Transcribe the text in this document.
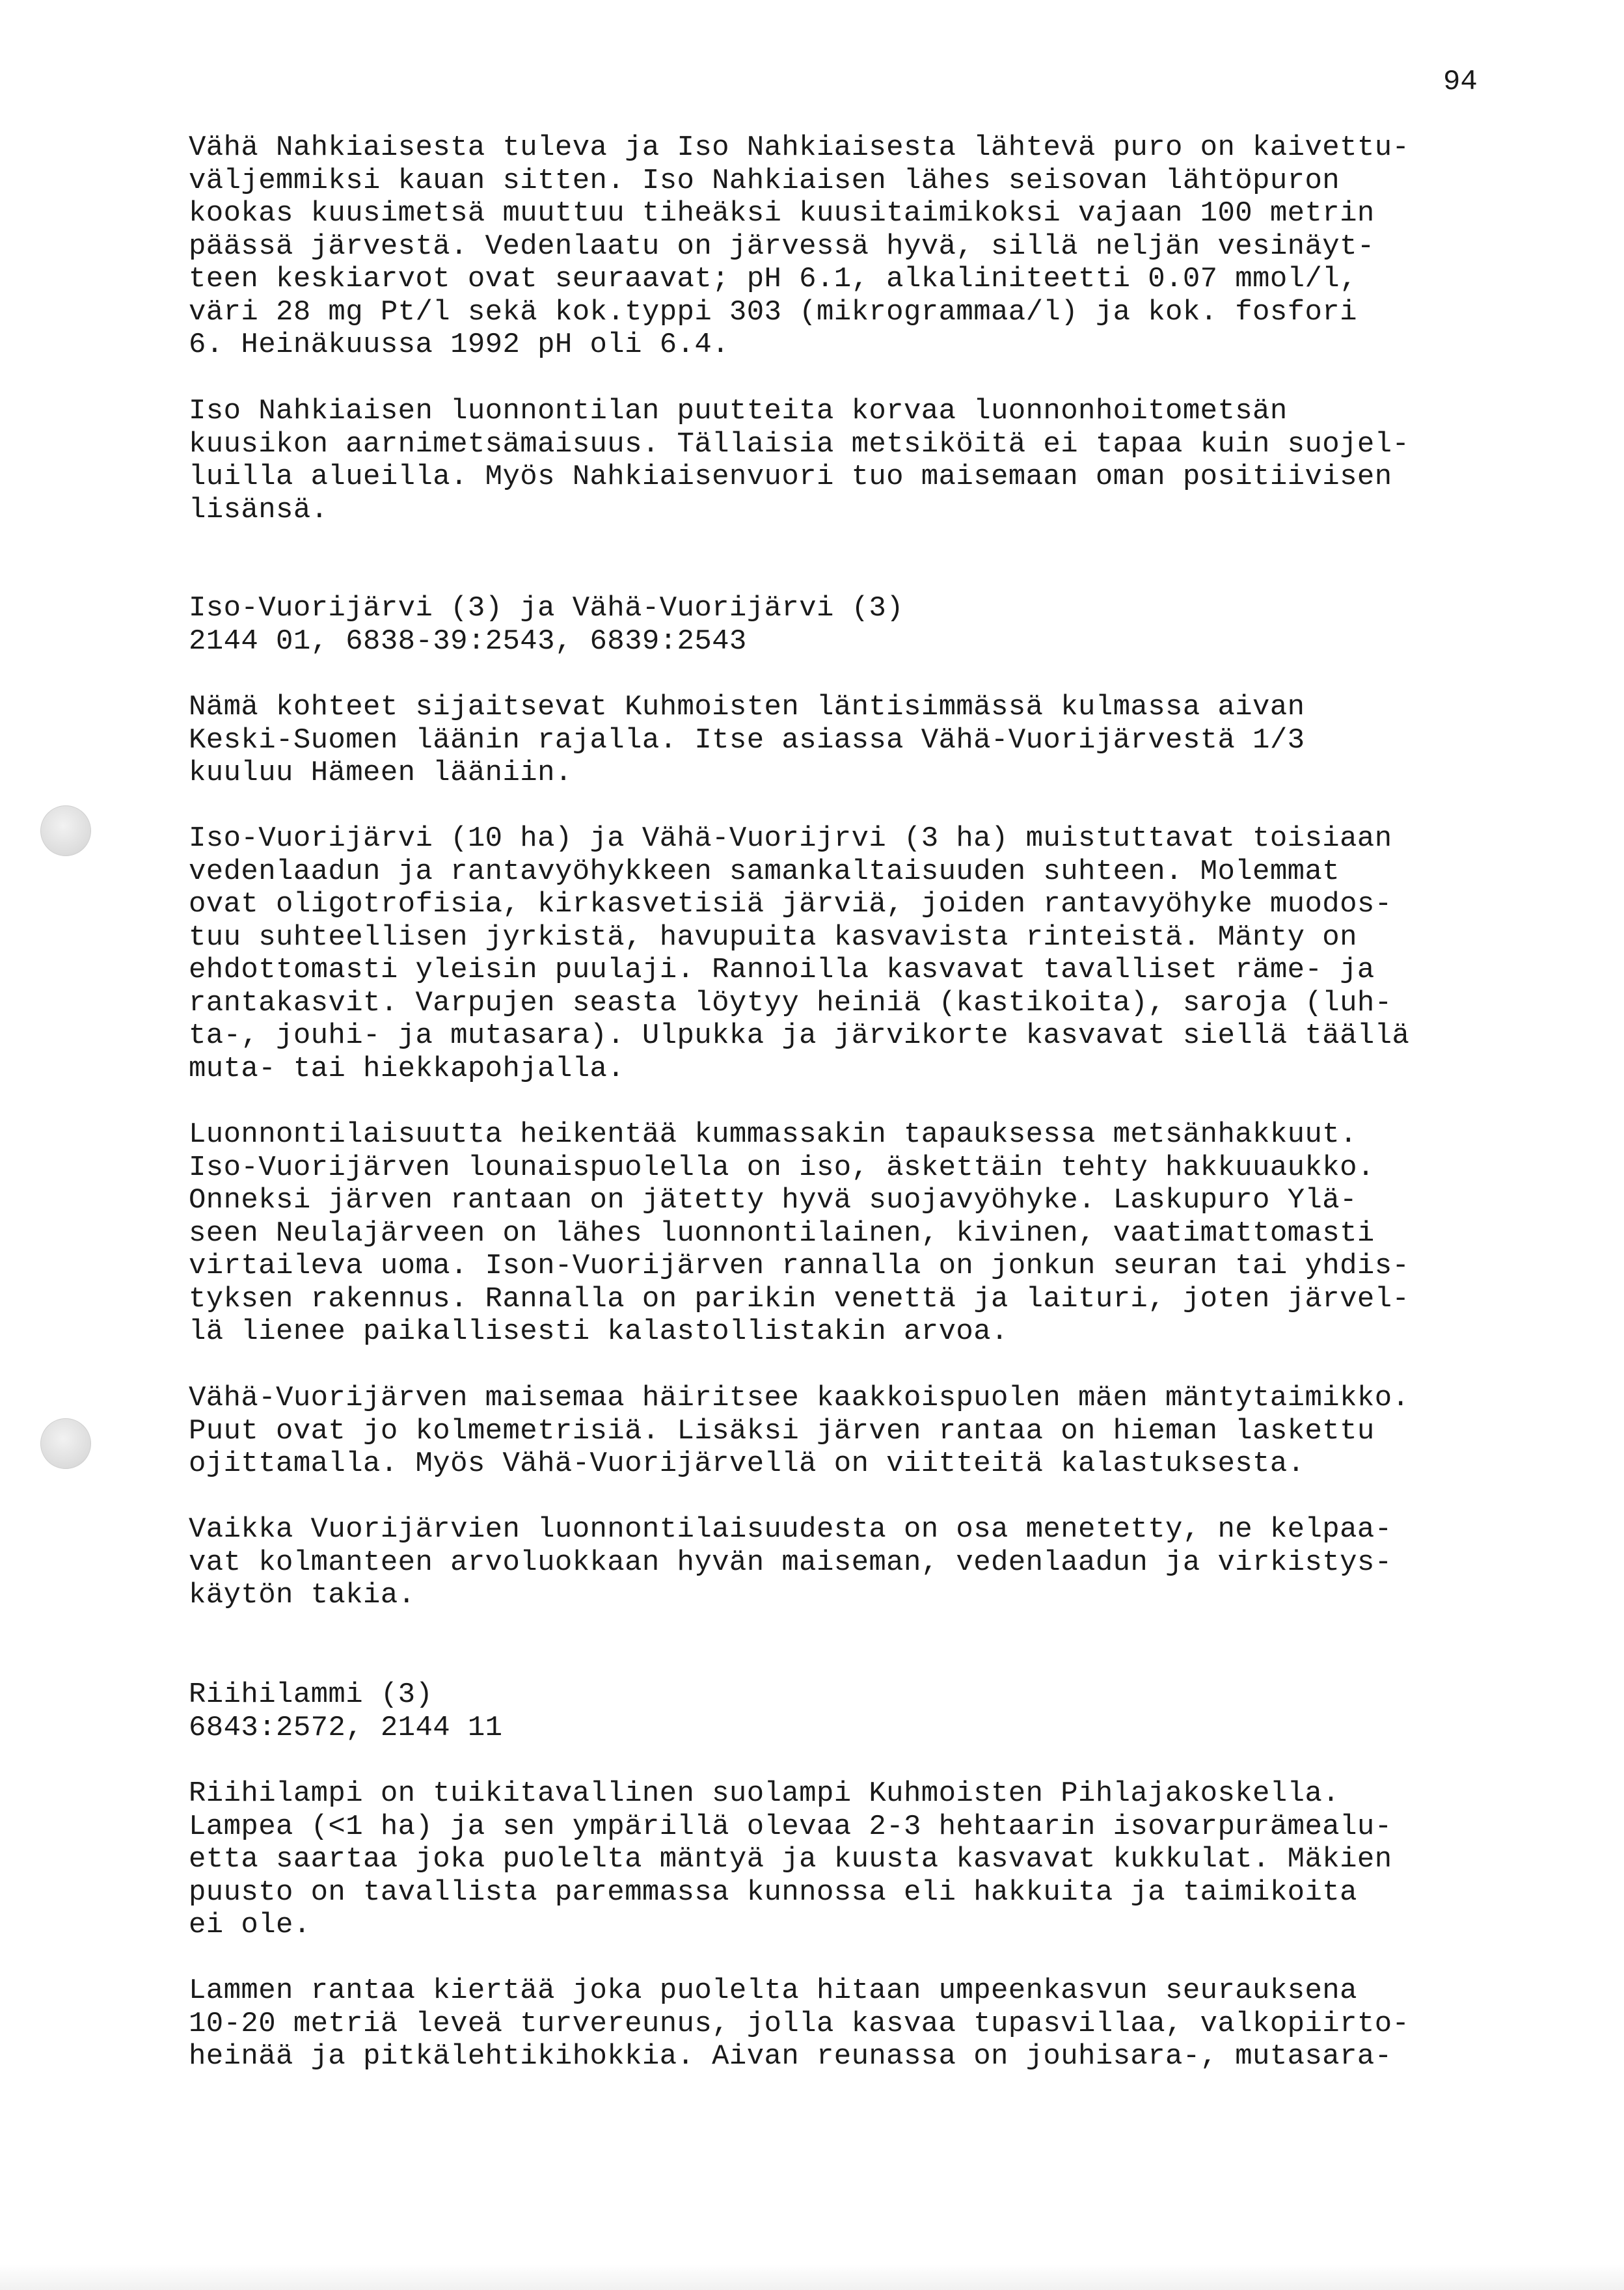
94
Vähä Nahkiaisesta tuleva ja Iso Nahkiaisesta lähtevä puro on kaivettu-
väljemmiksi kauan sitten. Iso Nahkiaisen lähes seisovan lähtöpuron
kookas kuusimetsä muuttuu tiheäksi kuusitaimikoksi vajaan 100 metrin
päässä järvestä. Vedenlaatu on järvessä hyvä, sillä neljän vesinäyt-
teen keskiarvot ovat seuraavat; pH 6.1, alkaliniteetti 0.07 mmol/l,
väri 28 mg Pt/l sekä kok.typpi 303 (mikrogrammaa/l) ja kok. fosfori
6. Heinäkuussa 1992 pH oli 6.4.
Iso Nahkiaisen luonnontilan puutteita korvaa luonnonhoitometsän
kuusikon aarnimetsämaisuus. Tällaisia metsiköitä ei tapaa kuin suojel-
luilla alueilla. Myös Nahkiaisenvuori tuo maisemaan oman positiivisen
lisänsä.
Iso-Vuorijärvi (3) ja Vähä-Vuorijärvi (3)
2144 01, 6838-39:2543, 6839:2543
Nämä kohteet sijaitsevat Kuhmoisten läntisimmässä kulmassa aivan
Keski-Suomen läänin rajalla. Itse asiassa Vähä-Vuorijärvestä 1/3
kuuluu Hämeen lääniin.
Iso-Vuorijärvi (10 ha) ja Vähä-Vuorijrvi (3 ha) muistuttavat toisiaan
vedenlaadun ja rantavyöhykkeen samankaltaisuuden suhteen. Molemmat
ovat oligotrofisia, kirkasvetisiä järviä, joiden rantavyöhyke muodos-
tuu suhteellisen jyrkistä, havupuita kasvavista rinteistä. Mänty on
ehdottomasti yleisin puulaji. Rannoilla kasvavat tavalliset räme- ja
rantakasvit. Varpujen seasta löytyy heiniä (kastikoita), saroja (luh-
ta-, jouhi- ja mutasara). Ulpukka ja järvikorte kasvavat siellä täällä
muta- tai hiekkapohjalla.
Luonnontilaisuutta heikentää kummassakin tapauksessa metsänhakkuut.
Iso-Vuorijärven lounaispuolella on iso, äskettäin tehty hakkuuaukko.
Onneksi järven rantaan on jätetty hyvä suojavyöhyke. Laskupuro Ylä-
seen Neulajärveen on lähes luonnontilainen, kivinen, vaatimattomasti
virtaileva uoma. Ison-Vuorijärven rannalla on jonkun seuran tai yhdis-
tyksen rakennus. Rannalla on parikin venettä ja laituri, joten järvel-
lä lienee paikallisesti kalastollistakin arvoa.
Vähä-Vuorijärven maisemaa häiritsee kaakkoispuolen mäen mäntytaimikko.
Puut ovat jo kolmemetrisiä. Lisäksi järven rantaa on hieman laskettu
ojittamalla. Myös Vähä-Vuorijärvellä on viitteitä kalastuksesta.
Vaikka Vuorijärvien luonnontilaisuudesta on osa menetetty, ne kelpaa-
vat kolmanteen arvoluokkaan hyvän maiseman, vedenlaadun ja virkistys-
käytön takia.
Riihilammi (3)
6843:2572, 2144 11
Riihilampi on tuikitavallinen suolampi Kuhmoisten Pihlajakoskella.
Lampea (<1 ha) ja sen ympärillä olevaa 2-3 hehtaarin isovarpurämealu-
etta saartaa joka puolelta mäntyä ja kuusta kasvavat kukkulat. Mäkien
puusto on tavallista paremmassa kunnossa eli hakkuita ja taimikoita
ei ole.
Lammen rantaa kiertää joka puolelta hitaan umpeenkasvun seurauksena
10-20 metriä leveä turvereunus, jolla kasvaa tupasvillaa, valkopiirto-
heinää ja pitkälehtikihokkia. Aivan reunassa on jouhisara-, mutasara-
